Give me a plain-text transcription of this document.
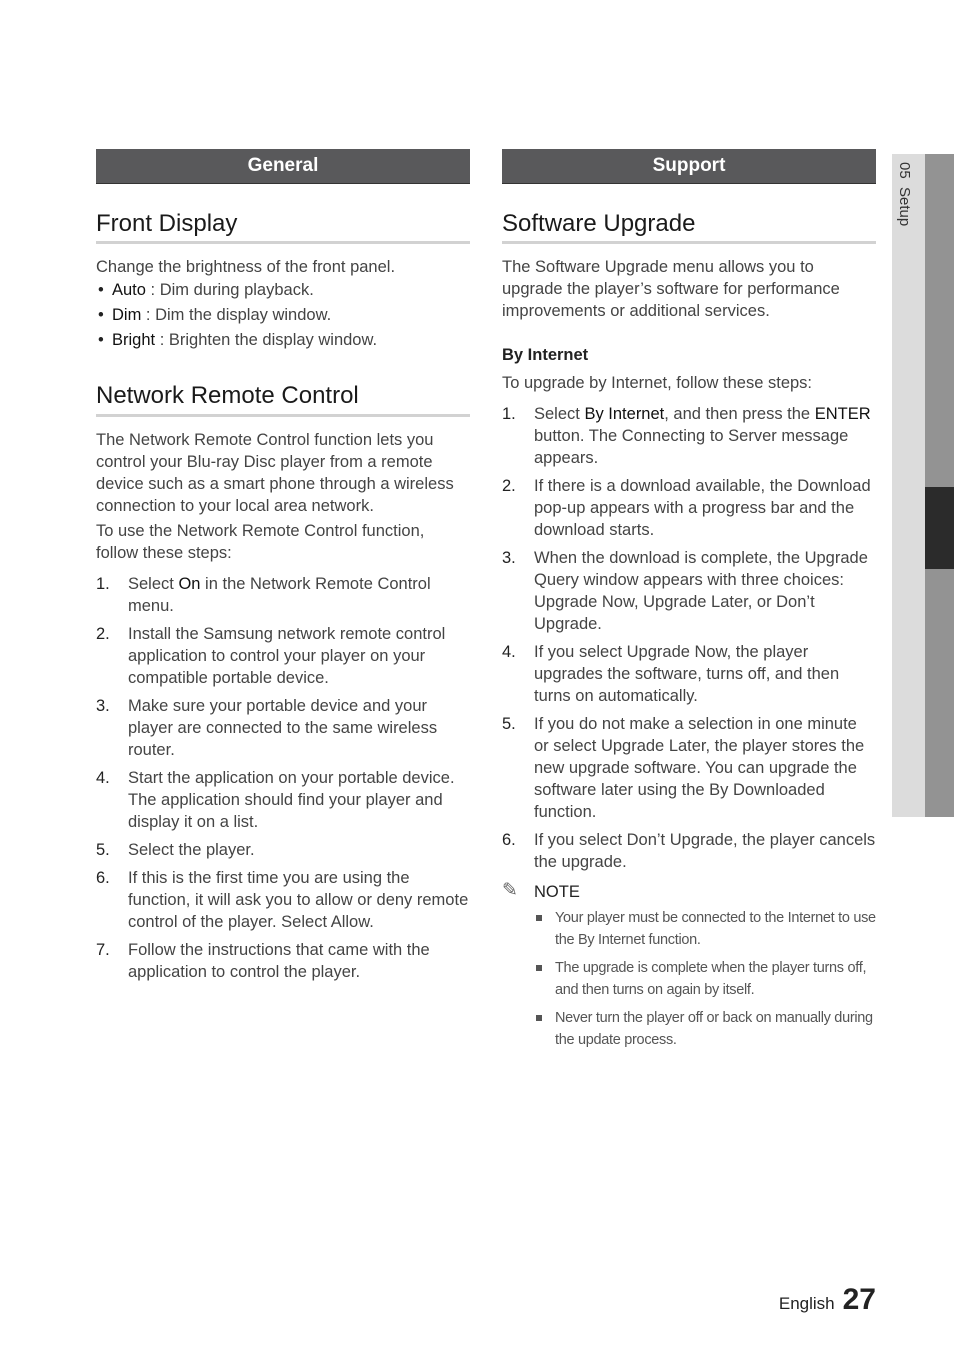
05  Setup
General
Front Display

Change the brightness of the front panel.

• Auto : Dim during playback.
• Dim : Dim the display window.
• Bright : Brighten the display window.
Network Remote Control

The Network Remote Control function lets you control your Blu-ray Disc player from a remote device such as a smart phone through a wireless connection to your local area network.

To use the Network Remote Control function, follow these steps:

1. Select On in the Network Remote Control menu.
2. Install the Samsung network remote control application to control your player on your compatible portable device.
3. Make sure your portable device and your player are connected to the same wireless router.
4. Start the application on your portable device. The application should find your player and display it on a list.
5. Select the player.
6. If this is the first time you are using the function, it will ask you to allow or deny remote control of the player. Select Allow.
7. Follow the instructions that came with the application to control the player.
Support
Software Upgrade

The Software Upgrade menu allows you to upgrade the player’s software for performance improvements or additional services.

By Internet

To upgrade by Internet, follow these steps:

1. Select By Internet, and then press the ENTER button. The Connecting to Server message appears.
2. If there is a download available, the Download pop-up appears with a progress bar and the download starts.
3. When the download is complete, the Upgrade Query window appears with three choices: Upgrade Now, Upgrade Later, or Don’t Upgrade.
4. If you select Upgrade Now, the player upgrades the software, turns off, and then turns on automatically.
5. If you do not make a selection in one minute or select Upgrade Later, the player stores the new upgrade software. You can upgrade the software later using the By Downloaded function.
6. If you select Don’t Upgrade, the player cancels the upgrade.
✎ NOTE
Your player must be connected to the Internet to use the By Internet function.
The upgrade is complete when the player turns off, and then turns on again by itself.
Never turn the player off or back on manually during the update process.
English 27
